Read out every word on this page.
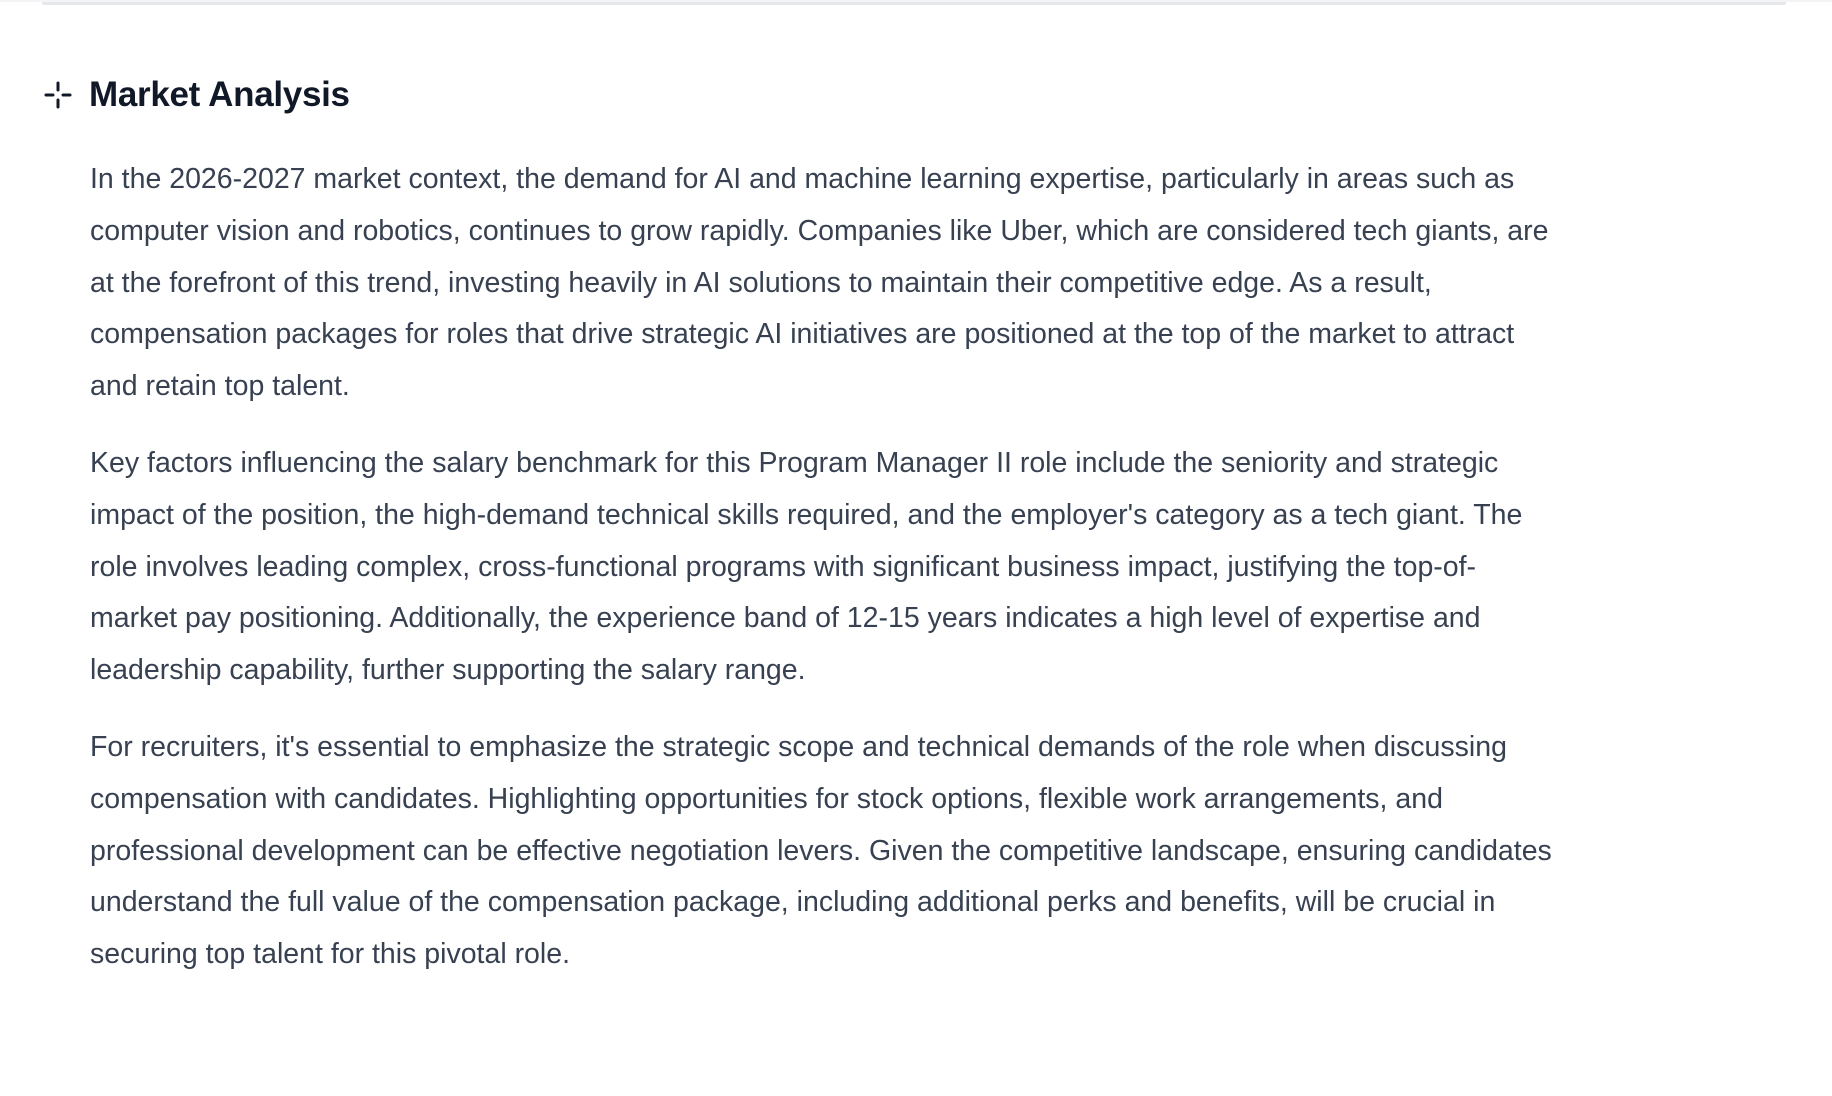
Market Analysis

In the 2026-2027 market context, the demand for AI and machine learning expertise, particularly in areas such as
computer vision and robotics, continues to grow rapidly. Companies like Uber, which are considered tech giants, are
at the forefront of this trend, investing heavily in AI solutions to maintain their competitive edge. As a result,
compensation packages for roles that drive strategic AI initiatives are positioned at the top of the market to attract
and retain top talent.

Key factors influencing the salary benchmark for this Program Manager II role include the seniority and strategic
impact of the position, the high-demand technical skills required, and the employer's category as a tech giant. The
role involves leading complex, cross-functional programs with significant business impact, justifying the top-of-
market pay positioning. Additionally, the experience band of 12-15 years indicates a high level of expertise and
leadership capability, further supporting the salary range.

For recruiters, it's essential to emphasize the strategic scope and technical demands of the role when discussing
compensation with candidates. Highlighting opportunities for stock options, flexible work arrangements, and
professional development can be effective negotiation levers. Given the competitive landscape, ensuring candidates
understand the full value of the compensation package, including additional perks and benefits, will be crucial in
securing top talent for this pivotal role.
